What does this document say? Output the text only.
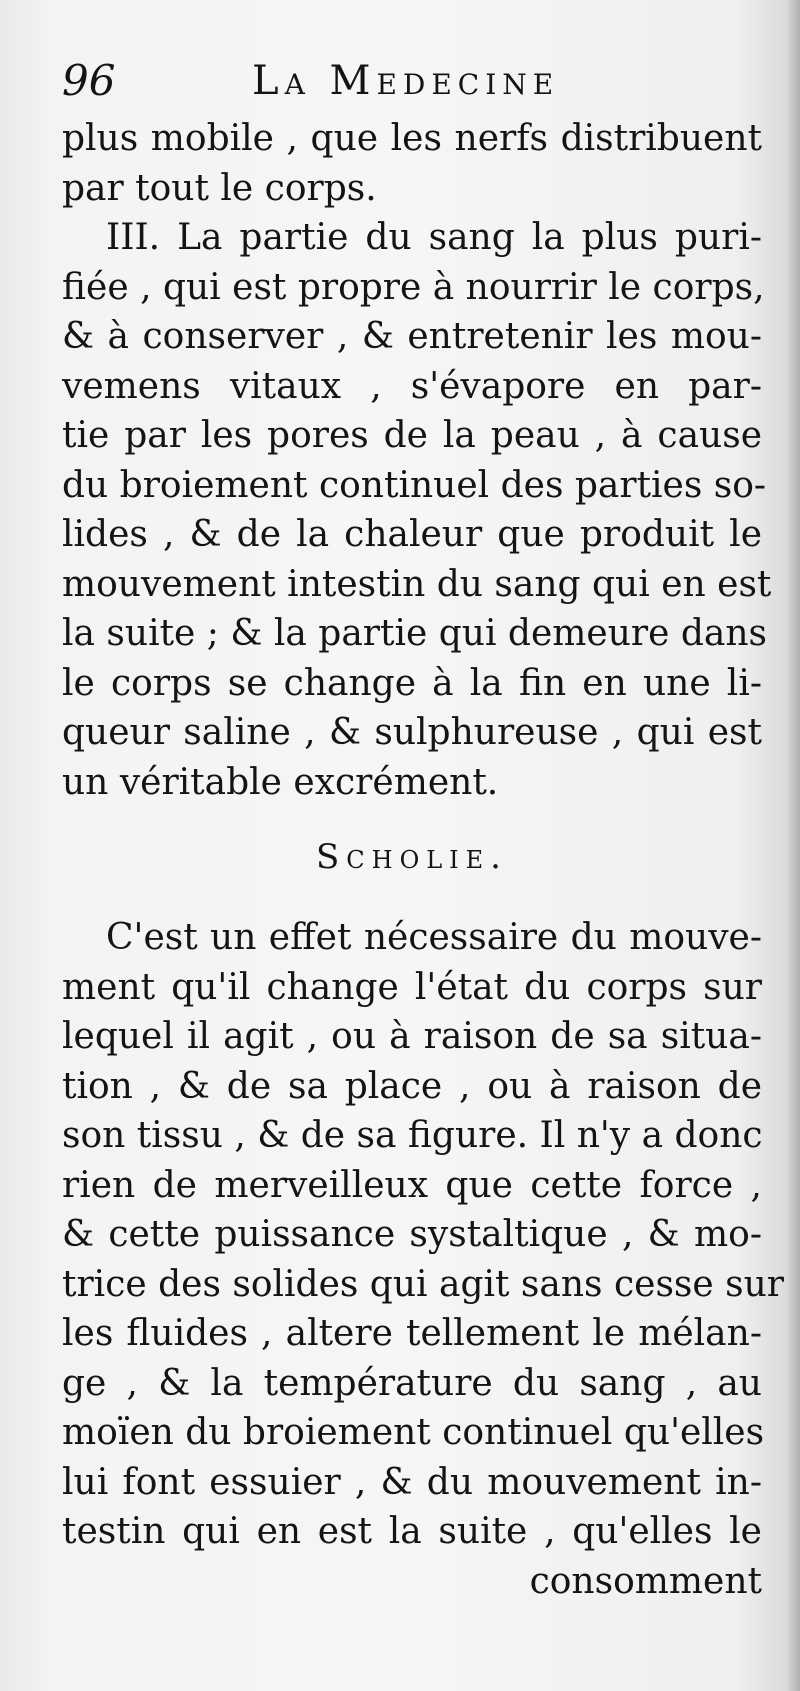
96	La Medecine
plus mobile , que les nerfs distribuent
par tout le corps.
III. La partie du sang la plus puri-
fiée , qui est propre à nourrir le corps,
& à conserver , & entretenir les mou-
vemens vitaux , s'évapore en par-
tie par les pores de la peau , à cause
du broiement continuel des parties so-
lides , & de la chaleur que produit le
mouvement intestin du sang qui en est
la suite ; & la partie qui demeure dans
le corps se change à la fin en une li-
queur saline , & sulphureuse , qui est
un véritable excrément.
Scholie.
C'est un effet nécessaire du mouve-
ment qu'il change l'état du corps sur
lequel il agit , ou à raison de sa situa-
tion , & de sa place , ou à raison de
son tissu , & de sa figure. Il n'y a donc
rien de merveilleux que cette force ,
& cette puissance systaltique , & mo-
trice des solides qui agit sans cesse sur
les fluides , altere tellement le mélan-
ge , & la température du sang , au
moïen du broiement continuel qu'elles
lui font essuier , & du mouvement in-
testin qui en est la suite , qu'elles le
consomment
